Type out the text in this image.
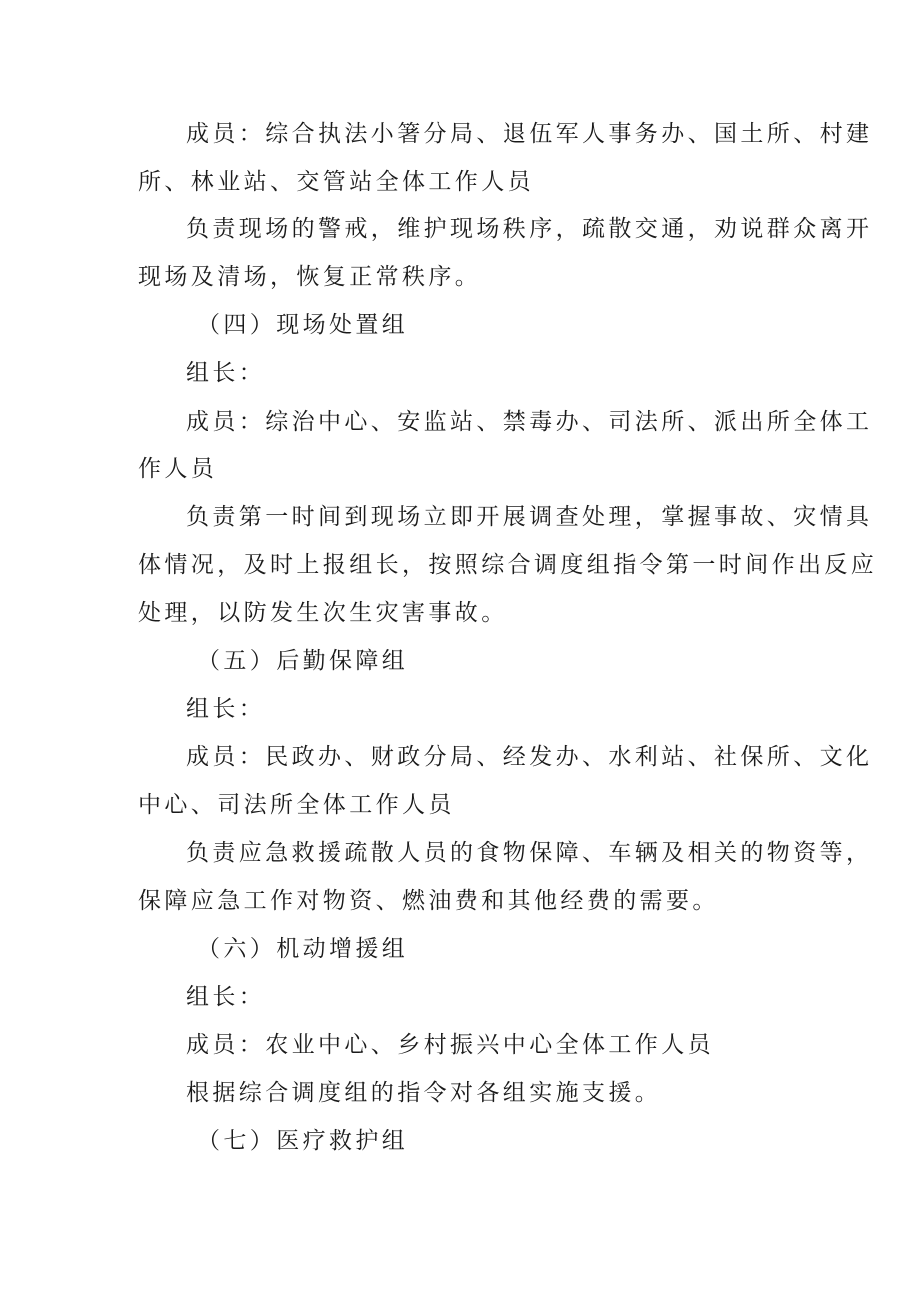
成员：综合执法小箸分局、退伍军人事务办、国土所、村建
所、林业站、交管站全体工作人员
负责现场的警戒，维护现场秩序，疏散交通，劝说群众离开
现场及清场，恢复正常秩序。
（四）现场处置组
组长：
成员：综治中心、安监站、禁毒办、司法所、派出所全体工
作人员
负责第一时间到现场立即开展调查处理，掌握事故、灾情具
体情况，及时上报组长，按照综合调度组指令第一时间作出反应
处理，以防发生次生灾害事故。
（五）后勤保障组
组长：
成员：民政办、财政分局、经发办、水利站、社保所、文化
中心、司法所全体工作人员
负责应急救援疏散人员的食物保障、车辆及相关的物资等，
保障应急工作对物资、燃油费和其他经费的需要。
（六）机动增援组
组长：
成员：农业中心、乡村振兴中心全体工作人员
根据综合调度组的指令对各组实施支援。
（七）医疗救护组
